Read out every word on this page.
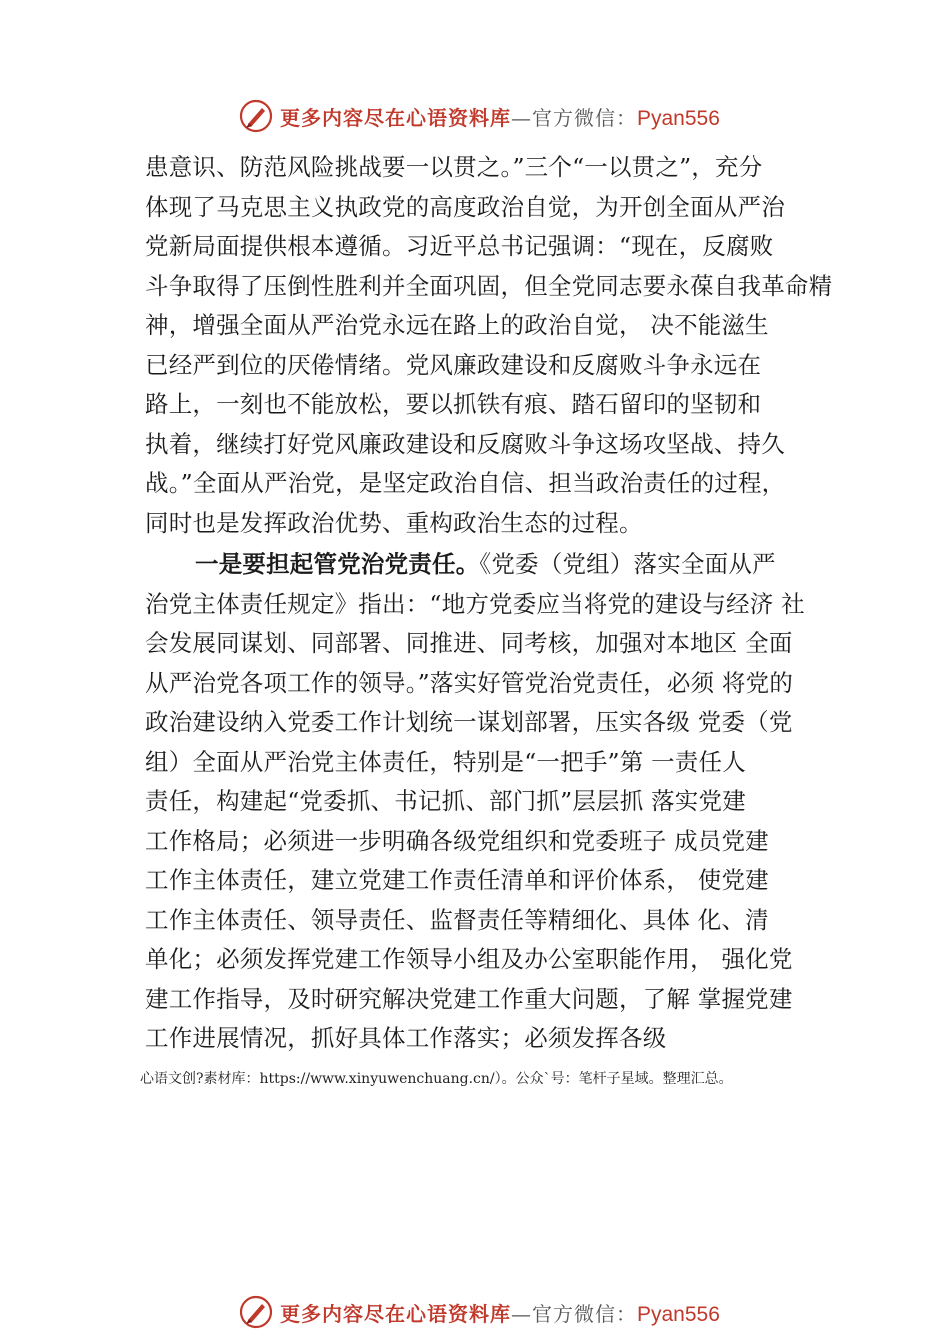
更多内容尽在心语资料库—官方微信：Pyan556
患意识、防范风险挑战要一以贯之。”三个“一以贯之”，充分
体现了马克思主义执政党的高度政治自觉，为开创全面从严治
党新局面提供根本遵循。习近平总书记强调：“现在，反腐败
斗争取得了压倒性胜利并全面巩固，但全党同志要永葆自我革命精
神，增强全面从严治党永远在路上的政治自觉， 决不能滋生
已经严到位的厌倦情绪。党风廉政建设和反腐败斗争永远在
路上，一刻也不能放松，要以抓铁有痕、踏石留印的坚韧和
执着，继续打好党风廉政建设和反腐败斗争这场攻坚战、持久
战。”全面从严治党，是坚定政治自信、担当政治责任的过程，
同时也是发挥政治优势、重构政治生态的过程。
一是要担起管党治党责任。《党委（党组）落实全面从严
治党主体责任规定》指出：“地方党委应当将党的建设与经济 社
会发展同谋划、同部署、同推进、同考核，加强对本地区 全面
从严治党各项工作的领导。”落实好管党治党责任，必须 将党的
政治建设纳入党委工作计划统一谋划部署，压实各级 党委（党
组）全面从严治党主体责任，特别是“一把手”第 一责任人
责任，构建起“党委抓、书记抓、部门抓”层层抓 落实党建
工作格局；必须进一步明确各级党组织和党委班子 成员党建
工作主体责任，建立党建工作责任清单和评价体系， 使党建
工作主体责任、领导责任、监督责任等精细化、具体 化、清
单化；必须发挥党建工作领导小组及办公室职能作用， 强化党
建工作指导，及时研究解决党建工作重大问题，了解 掌握党建
工作进展情况，抓好具体工作落实；必须发挥各级
心语文创?素材库：https://www.xinyuwenchuang.cn/）。公众`号：笔杆子星域。整理汇总。
更多内容尽在心语资料库—官方微信：Pyan556
